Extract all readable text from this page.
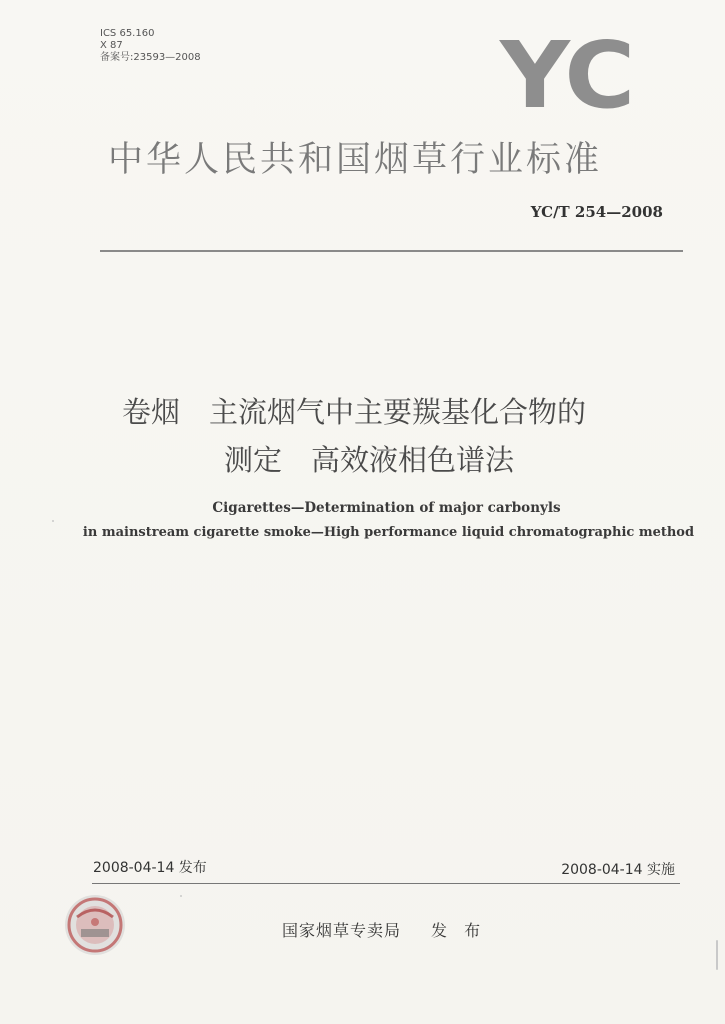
ICS 65.160
X 87
备案号:23593—2008	YC
中华人民共和国烟草行业标准
YC/T 254—2008
卷烟　主流烟气中主要羰基化合物的
测定　高效液相色谱法
Cigarettes—Determination of major carbonyls
in mainstream cigarette smoke—High performance liquid chromatographic method
2008-04-14 发布	2008-04-14 实施
国家烟草专卖局 发 布
